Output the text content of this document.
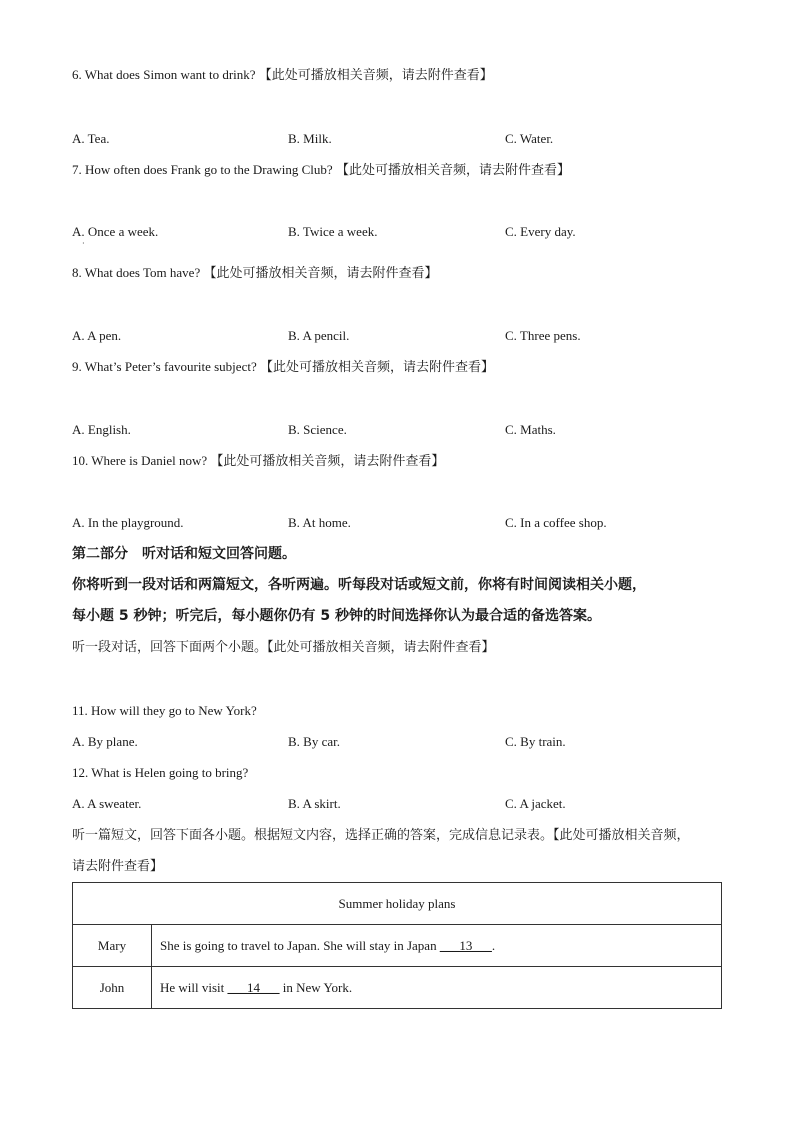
6. What does Simon want to drink? 【此处可播放相关音频，请去附件查看】
A. Tea.	B. Milk.	C. Water.
7. How often does Frank go to the Drawing Club? 【此处可播放相关音频，请去附件查看】
A. Once a week.
·
B. Twice a week.	C. Every day.
8. What does Tom have? 【此处可播放相关音频，请去附件查看】
A. A pen.	B. A pencil.	C. Three pens.
9. What’s Peter’s favourite subject? 【此处可播放相关音频，请去附件查看】
A. English.	B. Science.	C. Maths.
10. Where is Daniel now? 【此处可播放相关音频，请去附件查看】
A. In the playground.	B. At home.	C. In a coffee shop.
第二部分　听对话和短文回答问题。
你将听到一段对话和两篇短文，各听两遍。听每段对话或短文前，你将有时间阅读相关小题，
每小题 5 秒钟；听完后，每小题你仍有 5 秒钟的时间选择你认为最合适的备选答案。
听一段对话，回答下面两个小题。【此处可播放相关音频，请去附件查看】
11. How will they go to New York?
A. By plane.	B. By car.	C. By train.
12. What is Helen going to bring?
A. A sweater.	B. A skirt.	C. A jacket.
听一篇短文，回答下面各小题。根据短文内容，选择正确的答案，完成信息记录表。【此处可播放相关音频，
请去附件查看】
Summer holiday plans	
Mary	She is going to travel to Japan. She will stay in Japan ___13___.
John	He will visit ___14___ in New York.
